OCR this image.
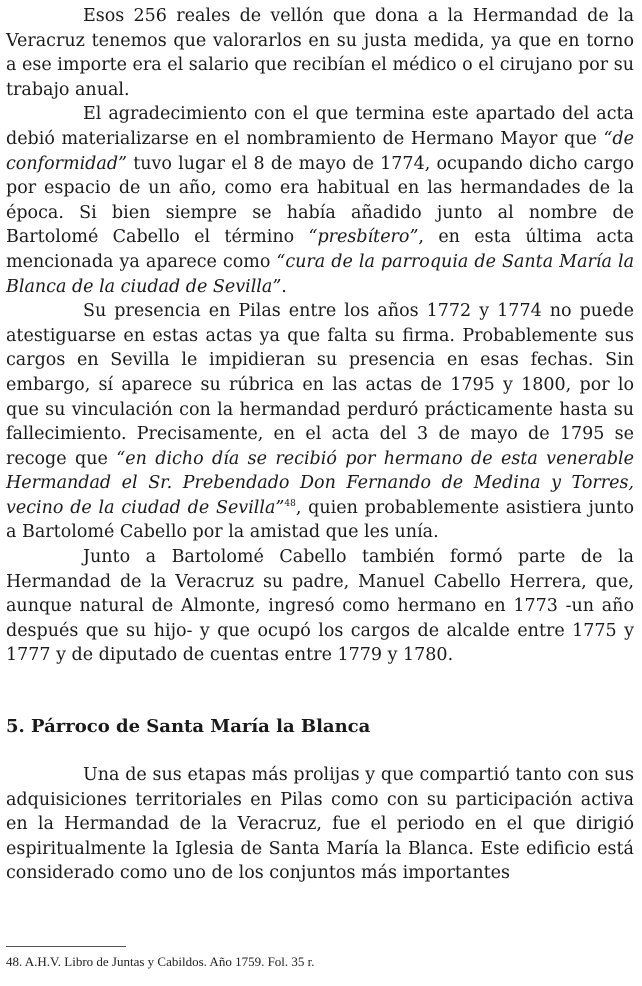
Esos 256 reales de vellón que dona a la Hermandad de la Veracruz tenemos que valorarlos en su justa medida, ya que en torno a ese importe era el salario que recibían el médico o el cirujano por su trabajo anual.

El agradecimiento con el que termina este apartado del acta debió materializarse en el nombramiento de Hermano Mayor que “de conformidad” tuvo lugar el 8 de mayo de 1774, ocupando dicho cargo por espacio de un año, como era habitual en las hermandades de la época. Si bien siempre se había añadido junto al nombre de Bartolomé Cabello el término “presbítero”, en esta última acta mencionada ya aparece como “cura de la parroquia de Santa María la Blanca de la ciudad de Sevilla”.

Su presencia en Pilas entre los años 1772 y 1774 no puede atestiguarse en estas actas ya que falta su firma. Probablemente sus cargos en Sevilla le impidieran su presencia en esas fechas. Sin embargo, sí aparece su rúbrica en las actas de 1795 y 1800, por lo que su vinculación con la hermandad perduró prácticamente hasta su fallecimiento. Precisamente, en el acta del 3 de mayo de 1795 se recoge que “en dicho día se recibió por hermano de esta venerable Hermandad el Sr. Prebendado Don Fernando de Medina y Torres, vecino de la ciudad de Sevilla”$^{48}$, quien probablemente asistiera junto a Bartolomé Cabello por la amistad que les unía.

Junto a Bartolomé Cabello también formó parte de la Hermandad de la Veracruz su padre, Manuel Cabello Herrera, que, aunque natural de Almonte, ingresó como hermano en 1773 -un año después que su hijo- y que ocupó los cargos de alcalde entre 1775 y 1777 y de diputado de cuentas entre 1779 y 1780.

5. Párroco de Santa María la Blanca

Una de sus etapas más prolijas y que compartió tanto con sus adquisiciones territoriales en Pilas como con su participación activa en la Hermandad de la Veracruz, fue el periodo en el que dirigió espiritualmente la Iglesia de Santa María la Blanca. Este edificio está considerado como uno de los conjuntos más importantes

48. A.H.V. Libro de Juntas y Cabildos. Año 1759. Fol. 35 r.
